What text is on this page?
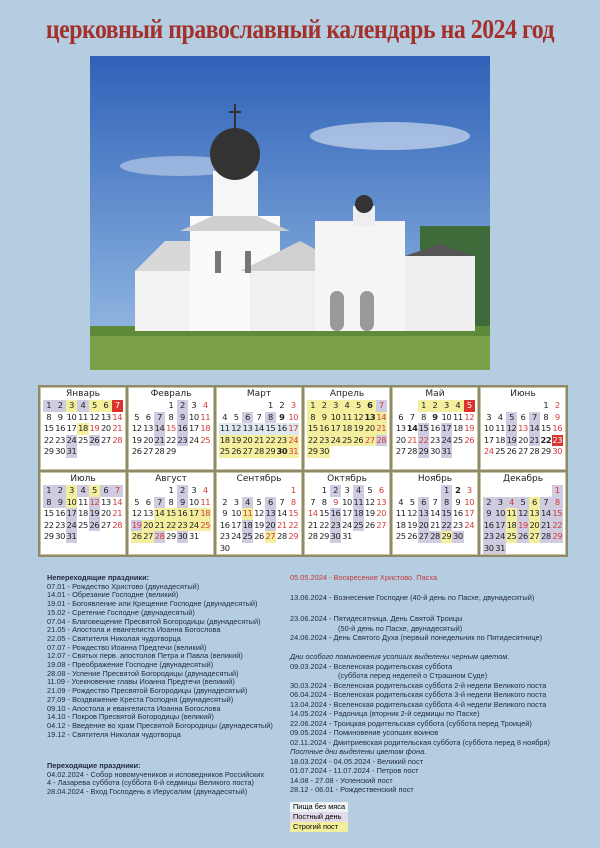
церковный православный календарь на 2024 год
Январь
1 2 3 4 5 6 7
8 9 10 11 12 13 14
15 16 17 18 19 20 21
22 23 24 25 26 27 28
29 30 31
Февраль
1 2 3 4
5 6 7 8 9 10 11
12 13 14 15 16 17 18
19 20 21 22 23 24 25
26 27 28 29
Март
1 2 3
4 5 6 7 8 9 10
11 12 13 14 15 16 17
18 19 20 21 22 23 24
25 26 27 28 29 30 31
Апрель
1 2 3 4 5 6 7
8 9 10 11 12 13 14
15 16 17 18 19 20 21
22 23 24 25 26 27 28
29 30
Май
1 2 3 4 5
6 7 8 9 10 11 12
13 14 15 16 17 18 19
20 21 22 23 24 25 26
27 28 29 30 31
Июнь
1 2
3 4 5 6 7 8 9
10 11 12 13 14 15 16
17 18 19 20 21 22 23
24 25 26 27 28 29 30
Июль
1 2 3 4 5 6 7
8 9 10 11 12 13 14
15 16 17 18 19 20 21
22 23 24 25 26 27 28
29 30 31
Август
1 2 3 4
5 6 7 8 9 10 11
12 13 14 15 16 17 18
19 20 21 22 23 24 25
26 27 28 29 30 31
Сентябрь
1
2 3 4 5 6 7 8
9 10 11 12 13 14 15
16 17 18 19 20 21 22
23 24 25 26 27 28 29
30
Октябрь
1 2 3 4 5 6
7 8 9 10 11 12 13
14 15 16 17 18 19 20
21 22 23 24 25 26 27
28 29 30 31
Ноябрь
1 2 3
4 5 6 7 8 9 10
11 12 13 14 15 16 17
18 19 20 21 22 23 24
25 26 27 28 29 30
Декабрь
1
2 3 4 5 6 7 8
9 10 11 12 13 14 15
16 17 18 19 20 21 22
23 24 25 26 27 28 29
30 31
Непереходящие праздники:
07.01 - Рождество Христово (двунадесятый)
14.01 - Обрезание Господне (великий)
19.01 - Богоявление или Крещение Господне (двунадесятый)
15.02 - Сретение Господне (двунадесятый)
07.04 - Благовещение Пресвятой Богородицы (двунадесятый)
21.05 - Апостола и евангелиста Иоанна Богослова
22.05 - Святителя Николая чудотворца
07.07 - Рождество Иоанна Предтечи (великий)
12.07 - Святых перв. апостолов Петра и Павла (великий)
19.08 - Преображение Господне (двунадесятый)
28.08 - Успение Пресвятой Богородицы (двунадесятый)
11.09 - Усекновение главы Иоанна Предтечи (великий)
21.09 - Рождество Пресвятой Богородицы (двунадесятый)
27.09 - Воздвижение Креста Господня (двунадесятый)
09.10 - Апостола и евангелиста Иоанна Богослова
14.10 - Покров Пресвятой Богородицы (великий)
04.12 - Введение во храм Пресвятой Богородицы (двунадесятый)
19.12 - Святителя Николая чудотворца
Переходящие праздники:
04.02.2024 - Собор новомучеников и исповедников Российских
4 - Лазарева суббота (суббота 6-й седмицы Великого поста)
28.04.2024 - Вход Господень в Иерусалим (двунадесятый)
05.05.2024 - Воскресение Христово. Пасха
13.06.2024 - Вознесение Господне (40-й день по Пасхе, двунадесятый)
23.06.2024 - Пятидесятница. День Святой Троицы
(50-й день по Пасхе, двунадесятый)
24.06.2024 - День Святого Духа (первый понедельник по Пятидесятнице)
Дни особого поминовения усопших выделены черным цветом.
09.03.2024 - Вселенская родительская суббота
(суббота перед неделей о Страшном Суде)
30.03.2024 - Вселенская родительская суббота 2-й недели Великого поста
06.04.2024 - Вселенская родительская суббота 3-й недели Великого поста
13.04.2024 - Вселенская родительская суббота 4-й недели Великого поста
14.05.2024 - Радоница (вторник 2-й седмицы по Пасхе)
22.06.2024 - Троицкая родительская суббота (суббота перед Троицей)
09.05.2024 - Поминовение усопших воинов
02.11.2024 - Дмитриевская родительская суббота (суббота перед 8 ноября)
Постные дни выделены цветом фона.
18.03.2024 - 04.05.2024 - Великий пост
01.07.2024 - 11.07.2024 - Петров пост
14.08 - 27.08 - Успенский пост
28.12 - 06.01 - Рождественский пост
Пища без мяса
Постный день
Строгий пост
